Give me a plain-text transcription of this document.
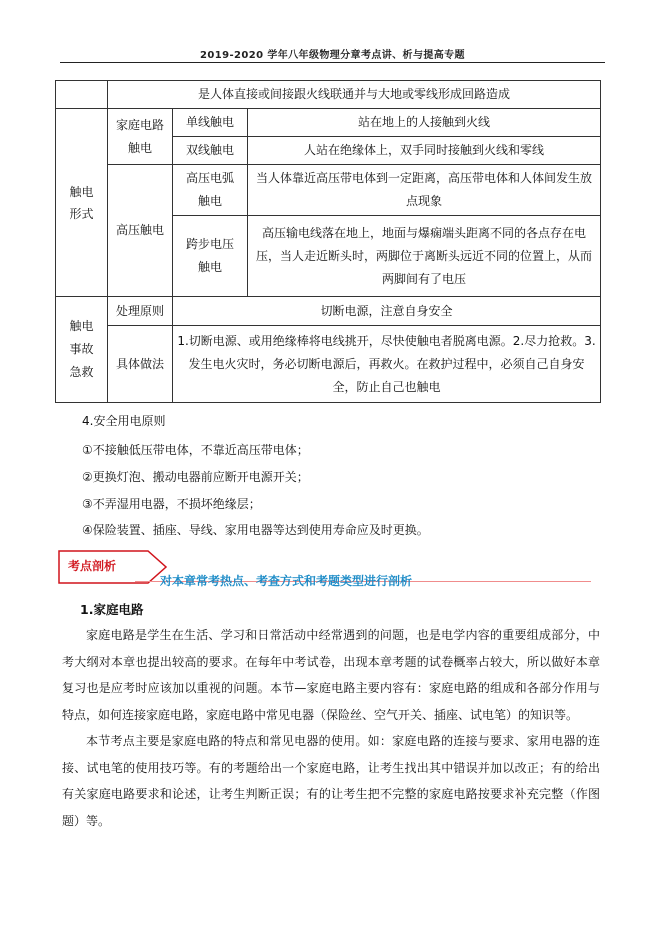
2019-2020 学年八年级物理分章考点讲、析与提高专题
	是人体直接或间接跟火线联通并与大地或零线形成回路造成		
触电形式	家庭电路触电	单线触电	站在地上的人接触到火线
		双线触电	人站在绝缘体上，双手同时接触到火线和零线
	高压触电	高压电弧触电	当人体靠近高压带电体到一定距离，高压带电体和人体间发生放点现象
		跨步电压触电	高压输电线落在地上，地面与爆痫端头距离不同的各点存在电压，当人走近断头时，两脚位于离断头远近不同的位置上，从而两脚间有了电压

触电事故急救	处理原则	切断电源，注意自身安全	
	具体做法	1.切断电源、或用绝缘棒将电线挑开，尽快使触电者脱离电源。2.尽力抢救。3.发生电火灾时，务必切断电源后，再救火。在救护过程中，必须自己自身安全，防止自己也触电	
4.安全用电原则
①不接触低压带电体，不靠近高压带电体；
②更换灯泡、搬动电器前应断开电源开关；
③不弄湿用电器，不损坏绝缘层；
④保险装置、插座、导线、家用电器等达到使用寿命应及时更换。
考点剖析
对本章常考热点、考查方式和考题类型进行剖析
1.家庭电路
家庭电路是学生在生活、学习和日常活动中经常遇到的问题，也是电学内容的重要组成部分，中考大纲对本章也提出较高的要求。在每年中考试卷，出现本章考题的试卷概率占较大，所以做好本章复习也是应考时应该加以重视的问题。本节—家庭电路主要内容有：家庭电路的组成和各部分作用与特点，如何连接家庭电路，家庭电路中常见电器（保险丝、空气开关、插座、试电笔）的知识等。
本节考点主要是家庭电路的特点和常见电器的使用。如：家庭电路的连接与要求、家用电器的连接、试电笔的使用技巧等。有的考题给出一个家庭电路，让考生找出其中错误并加以改正；有的给出有关家庭电路要求和论述，让考生判断正误；有的让考生把不完整的家庭电路按要求补充完整（作图题）等。
